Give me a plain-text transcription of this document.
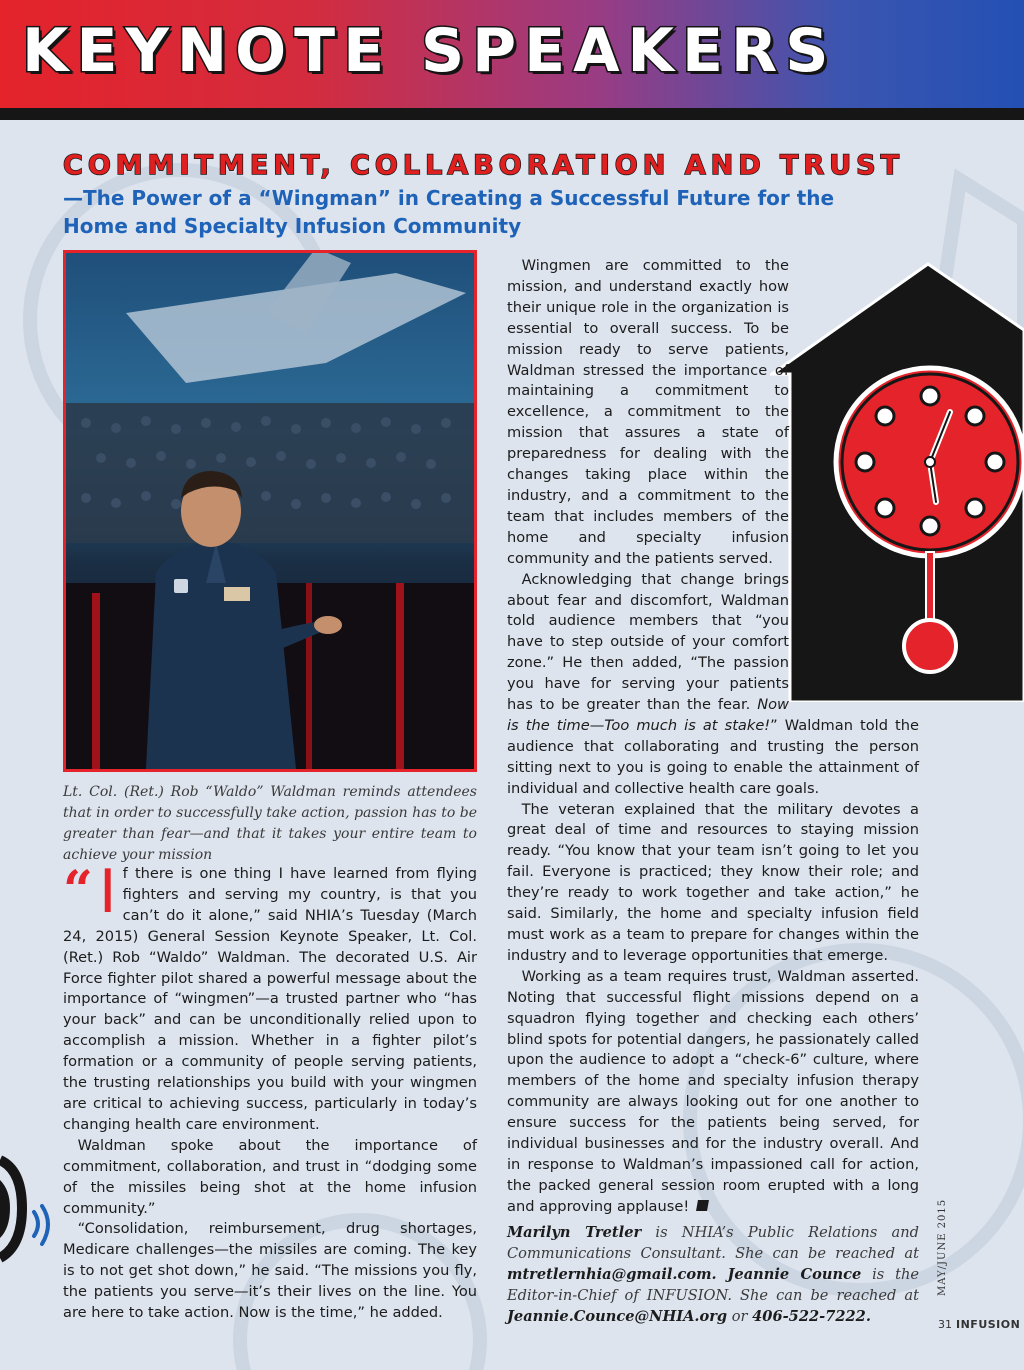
KEYNOTE SPEAKERS
COMMITMENT, COLLABORATION AND TRUST
—The Power of a “Wingman” in Creating a Successful Future for the Home and Specialty Infusion Community

Lt. Col. (Ret.) Rob “Waldo” Waldman reminds attendees that in order to successfully take action, passion has to be greater than fear—and that it takes your entire team to achieve your mission

“ I f there is one thing I have learned from flying fighters and serving my country, is that you can’t do it alone,” said NHIA’s Tuesday (March 24, 2015) General Session Keynote Speaker, Lt. Col. (Ret.) Rob “Waldo” Waldman. The decorated U.S. Air Force fighter pilot shared a powerful message about the importance of “wingmen”—a trusted partner who “has your back” and can be unconditionally relied upon to accomplish a mission. Whether in a fighter pilot’s formation or a community of people serving patients, the trusting relationships you build with your wingmen are critical to achieving success, particularly in today’s changing health care environment.

Waldman spoke about the importance of commitment, collaboration, and trust in “dodging some of the missiles being shot at the home infusion community.”

“Consolidation, reimbursement, drug shortages, Medicare challenges—the missiles are coming. The key is to not get shot down,” he said. “The missions you fly, the patients you serve—it’s their lives on the line. You are here to take action. Now is the time,” he added.

Wingmen are committed to the mission, and understand exactly how their unique role in the organization is essential to overall success. To be mission ready to serve patients, Waldman stressed the importance of maintaining a commitment to excellence, a commitment to the mission that assures a state of preparedness for dealing with the changes taking place within the industry, and a commitment to the team that includes members of the home and specialty infusion community and the patients served.

Acknowledging that change brings about fear and discomfort, Waldman told audience members that “you have to step outside of your comfort zone.” He then added, “The passion you have for serving your patients has to be greater than the fear. Now is the time—Too much is at stake!” Waldman told the audience that collaborating and trusting the person sitting next to you is going to enable the attainment of individual and collective health care goals.

The veteran explained that the military devotes a great deal of time and resources to staying mission ready. “You know that your team isn’t going to let you fail. Everyone is practiced; they know their role; and they’re ready to work together and take action,” he said. Similarly, the home and specialty infusion field must work as a team to prepare for changes within the industry and to leverage opportunities that emerge.

Working as a team requires trust, Waldman asserted. Noting that successful flight missions depend on a squadron flying together and checking each others’ blind spots for potential dangers, he passionately called upon the audience to adopt a “check-6” culture, where members of the home and specialty infusion therapy community are always looking out for one another to ensure success for the patients being served, for individual businesses and for the industry overall. And in response to Waldman’s impassioned call for action, the packed general session room erupted with a long and approving applause!

Marilyn Tretler is NHIA’s Public Relations and Communications Consultant. She can be reached at mtretlernhia@gmail.com. Jeannie Counce is the Editor-in-Chief of INFUSION. She can be reached at Jeannie.Counce@NHIA.org or 406-522-7222.
MAY/JUNE 2015
31 INFUSION
